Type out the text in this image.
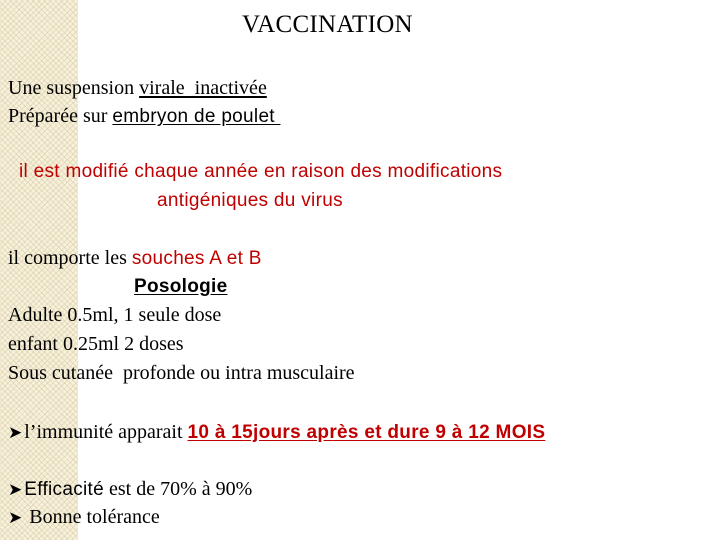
VACCINATION
Une suspension virale  inactivée
Préparée sur embryon de poulet
il est modifié chaque année en raison des modifications
antigéniques du virus
il comporte les souches A et B
Posologie
Adulte 0.5ml, 1 seule dose
enfant 0.25ml 2 doses
Sous cutanée  profonde ou intra musculaire
➤ l’immunité apparait 10 à 15jours après et dure 9 à 12 MOIS
➤ Efficacité est de 70% à 90%
➤ Bonne tolérance
